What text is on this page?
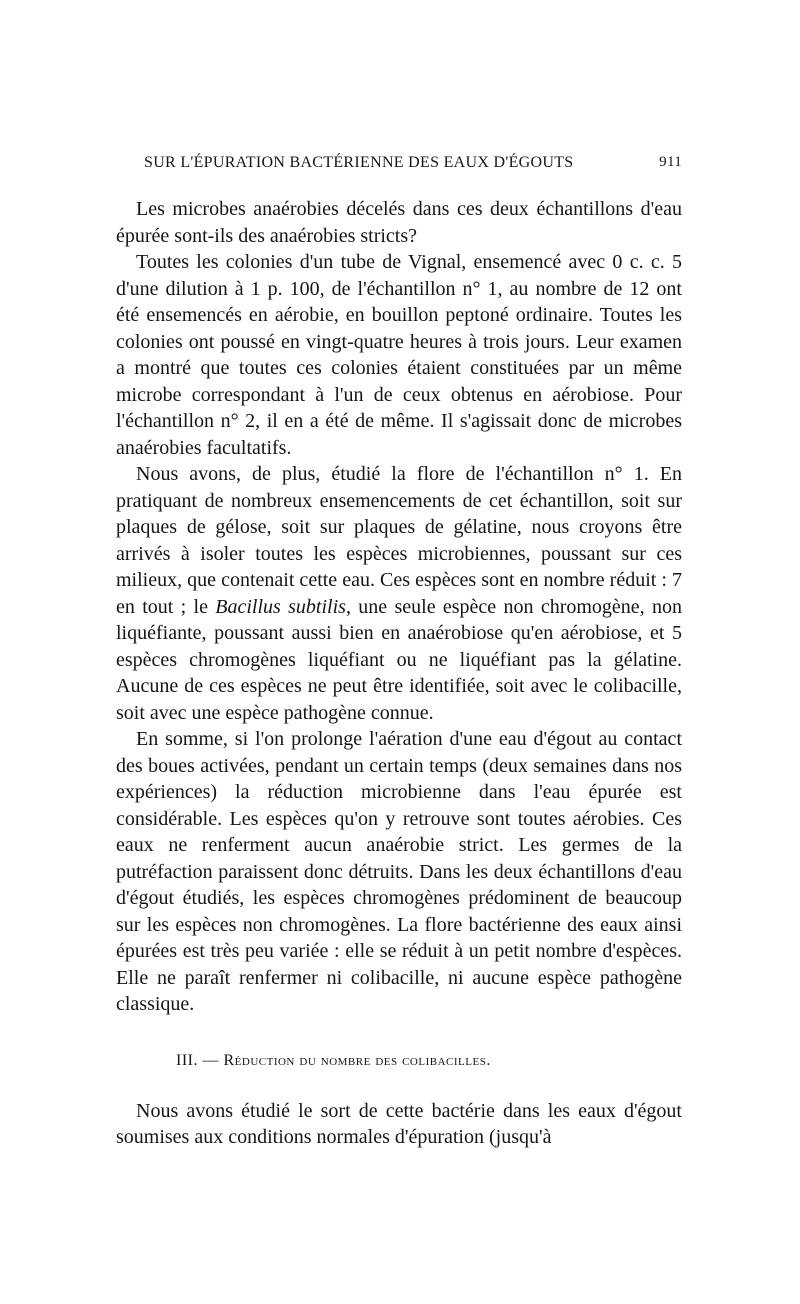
SUR L'ÉPURATION BACTÉRIENNE DES EAUX D'ÉGOUTS	911

Les microbes anaérobies décelés dans ces deux échantillons d'eau épurée sont-ils des anaérobies stricts?

Toutes les colonies d'un tube de Vignal, ensemencé avec 0 c. c. 5 d'une dilution à 1 p. 100, de l'échantillon n° 1, au nombre de 12 ont été ensemencés en aérobie, en bouillon peptoné ordinaire. Toutes les colonies ont poussé en vingt-quatre heures à trois jours. Leur examen a montré que toutes ces colonies étaient constituées par un même microbe correspondant à l'un de ceux obtenus en aérobiose. Pour l'échantillon n° 2, il en a été de même. Il s'agissait donc de microbes anaérobies facultatifs.

Nous avons, de plus, étudié la flore de l'échantillon n° 1. En pratiquant de nombreux ensemencements de cet échantillon, soit sur plaques de gélose, soit sur plaques de gélatine, nous croyons être arrivés à isoler toutes les espèces microbiennes, poussant sur ces milieux, que contenait cette eau. Ces espèces sont en nombre réduit : 7 en tout ; le Bacillus subtilis, une seule espèce non chromogène, non liquéfiante, poussant aussi bien en anaérobiose qu'en aérobiose, et 5 espèces chromogènes liquéfiant ou ne liquéfiant pas la gélatine. Aucune de ces espèces ne peut être identifiée, soit avec le colibacille, soit avec une espèce pathogène connue.

En somme, si l'on prolonge l'aération d'une eau d'égout au contact des boues activées, pendant un certain temps (deux semaines dans nos expériences) la réduction microbienne dans l'eau épurée est considérable. Les espèces qu'on y retrouve sont toutes aérobies. Ces eaux ne renferment aucun anaérobie strict. Les germes de la putréfaction paraissent donc détruits. Dans les deux échantillons d'eau d'égout étudiés, les espèces chromogènes prédominent de beaucoup sur les espèces non chromogènes. La flore bactérienne des eaux ainsi épurées est très peu variée : elle se réduit à un petit nombre d'espèces. Elle ne paraît renfermer ni colibacille, ni aucune espèce pathogène classique.

III. — Réduction du nombre des colibacilles.

Nous avons étudié le sort de cette bactérie dans les eaux d'égout soumises aux conditions normales d'épuration (jusqu'à
